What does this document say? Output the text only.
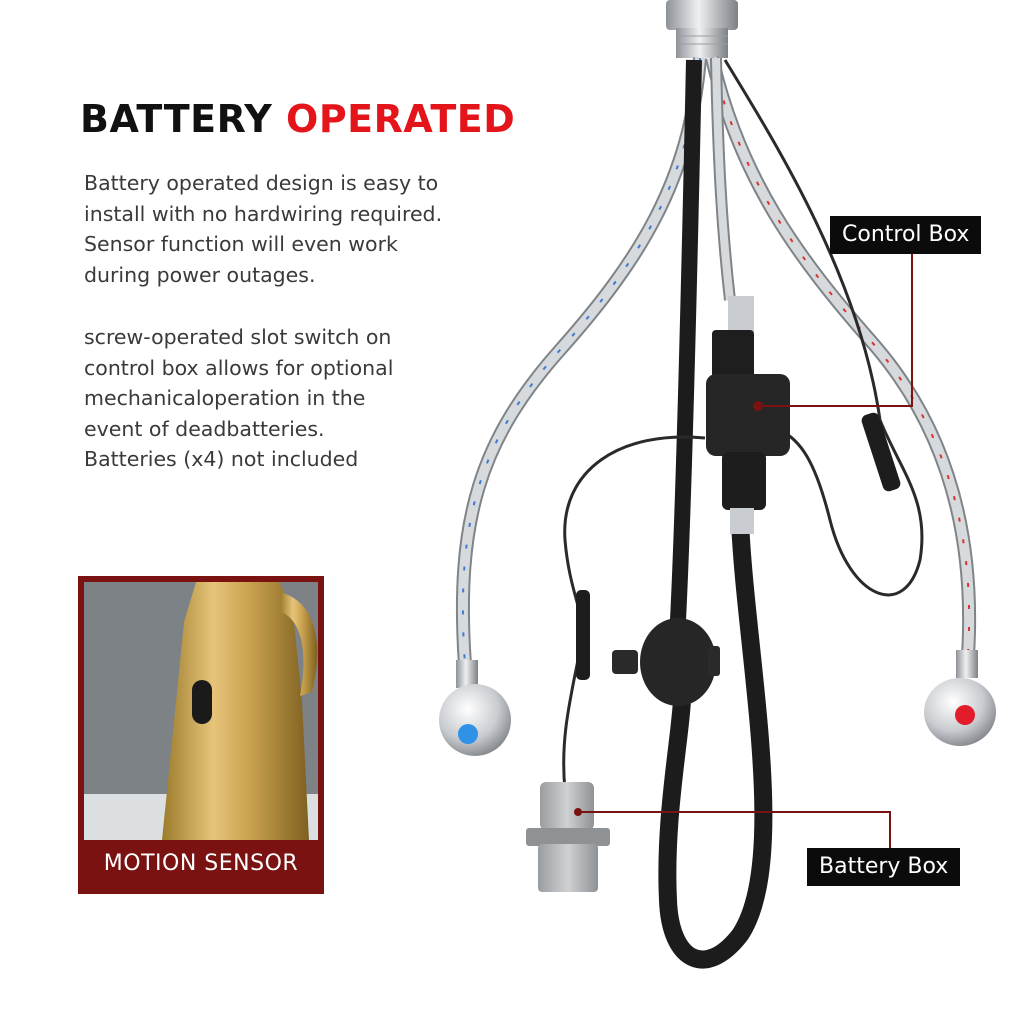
BATTERY OPERATED

Battery operated design is easy to
install with no hardwiring required.
Sensor function will even work
during power outages.

screw-operated slot switch on
control box allows for optional
mechanicaloperation in the
event of deadbatteries.
Batteries (x4) not included

Control Box
Battery Box
MOTION SENSOR
